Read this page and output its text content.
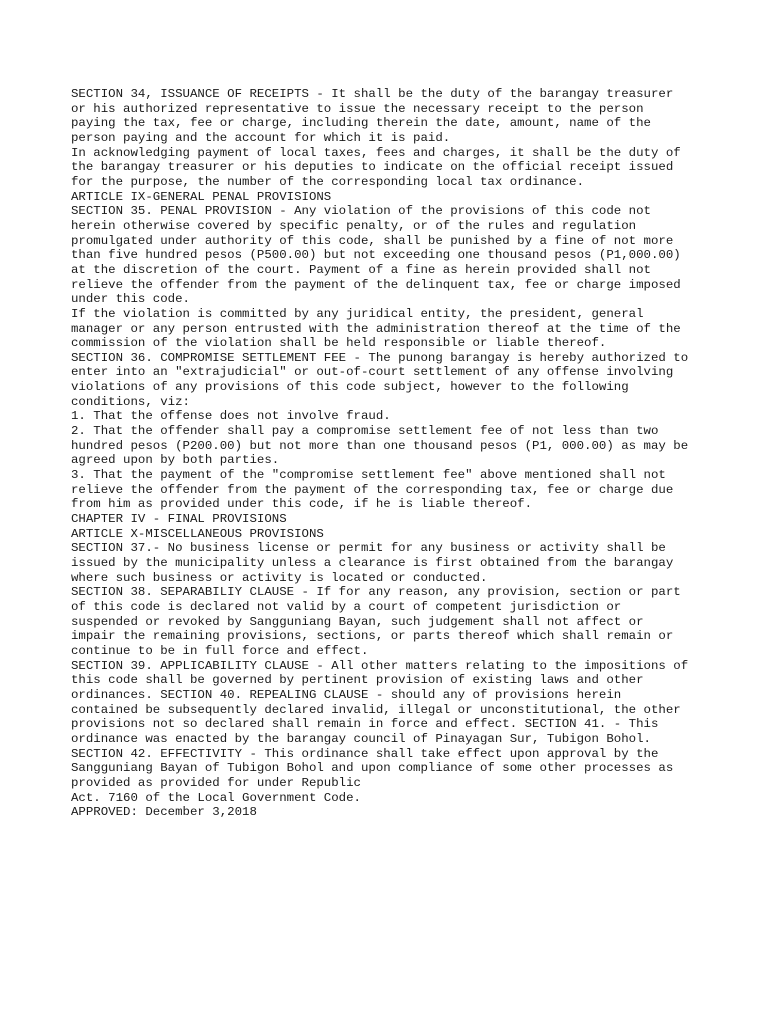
SECTION 34, ISSUANCE OF RECEIPTS - It shall be the duty of the barangay treasurer
or his authorized representative to issue the necessary receipt to the person
paying the tax, fee or charge, including therein the date, amount, name of the
person paying and the account for which it is paid.
In acknowledging payment of local taxes, fees and charges, it shall be the duty of
the barangay treasurer or his deputies to indicate on the official receipt issued
for the purpose, the number of the corresponding local tax ordinance.
ARTICLE IX-GENERAL PENAL PROVISIONS
SECTION 35. PENAL PROVISION - Any violation of the provisions of this code not
herein otherwise covered by specific penalty, or of the rules and regulation
promulgated under authority of this code, shall be punished by a fine of not more
than five hundred pesos (P500.00) but not exceeding one thousand pesos (P1,000.00)
at the discretion of the court. Payment of a fine as herein provided shall not
relieve the offender from the payment of the delinquent tax, fee or charge imposed
under this code.
If the violation is committed by any juridical entity, the president, general
manager or any person entrusted with the administration thereof at the time of the
commission of the violation shall be held responsible or liable thereof.
SECTION 36. COMPROMISE SETTLEMENT FEE - The punong barangay is hereby authorized to
enter into an "extrajudicial" or out-of-court settlement of any offense involving
violations of any provisions of this code subject, however to the following
conditions, viz:
1. That the offense does not involve fraud.
2. That the offender shall pay a compromise settlement fee of not less than two
hundred pesos (P200.00) but not more than one thousand pesos (P1, 000.00) as may be
agreed upon by both parties.
3. That the payment of the "compromise settlement fee" above mentioned shall not
relieve the offender from the payment of the corresponding tax, fee or charge due
from him as provided under this code, if he is liable thereof.
CHAPTER IV - FINAL PROVISIONS
ARTICLE X-MISCELLANEOUS PROVISIONS
SECTION 37.- No business license or permit for any business or activity shall be
issued by the municipality unless a clearance is first obtained from the barangay
where such business or activity is located or conducted.
SECTION 38. SEPARABILIY CLAUSE - If for any reason, any provision, section or part
of this code is declared not valid by a court of competent jurisdiction or
suspended or revoked by Sangguniang Bayan, such judgement shall not affect or
impair the remaining provisions, sections, or parts thereof which shall remain or
continue to be in full force and effect.
SECTION 39. APPLICABILITY CLAUSE - All other matters relating to the impositions of
this code shall be governed by pertinent provision of existing laws and other
ordinances. SECTION 40. REPEALING CLAUSE - should any of provisions herein
contained be subsequently declared invalid, illegal or unconstitutional, the other
provisions not so declared shall remain in force and effect. SECTION 41. - This
ordinance was enacted by the barangay council of Pinayagan Sur, Tubigon Bohol.
SECTION 42. EFFECTIVITY - This ordinance shall take effect upon approval by the
Sangguniang Bayan of Tubigon Bohol and upon compliance of some other processes as
provided as provided for under Republic
Act. 7160 of the Local Government Code.
APPROVED: December 3,2018
